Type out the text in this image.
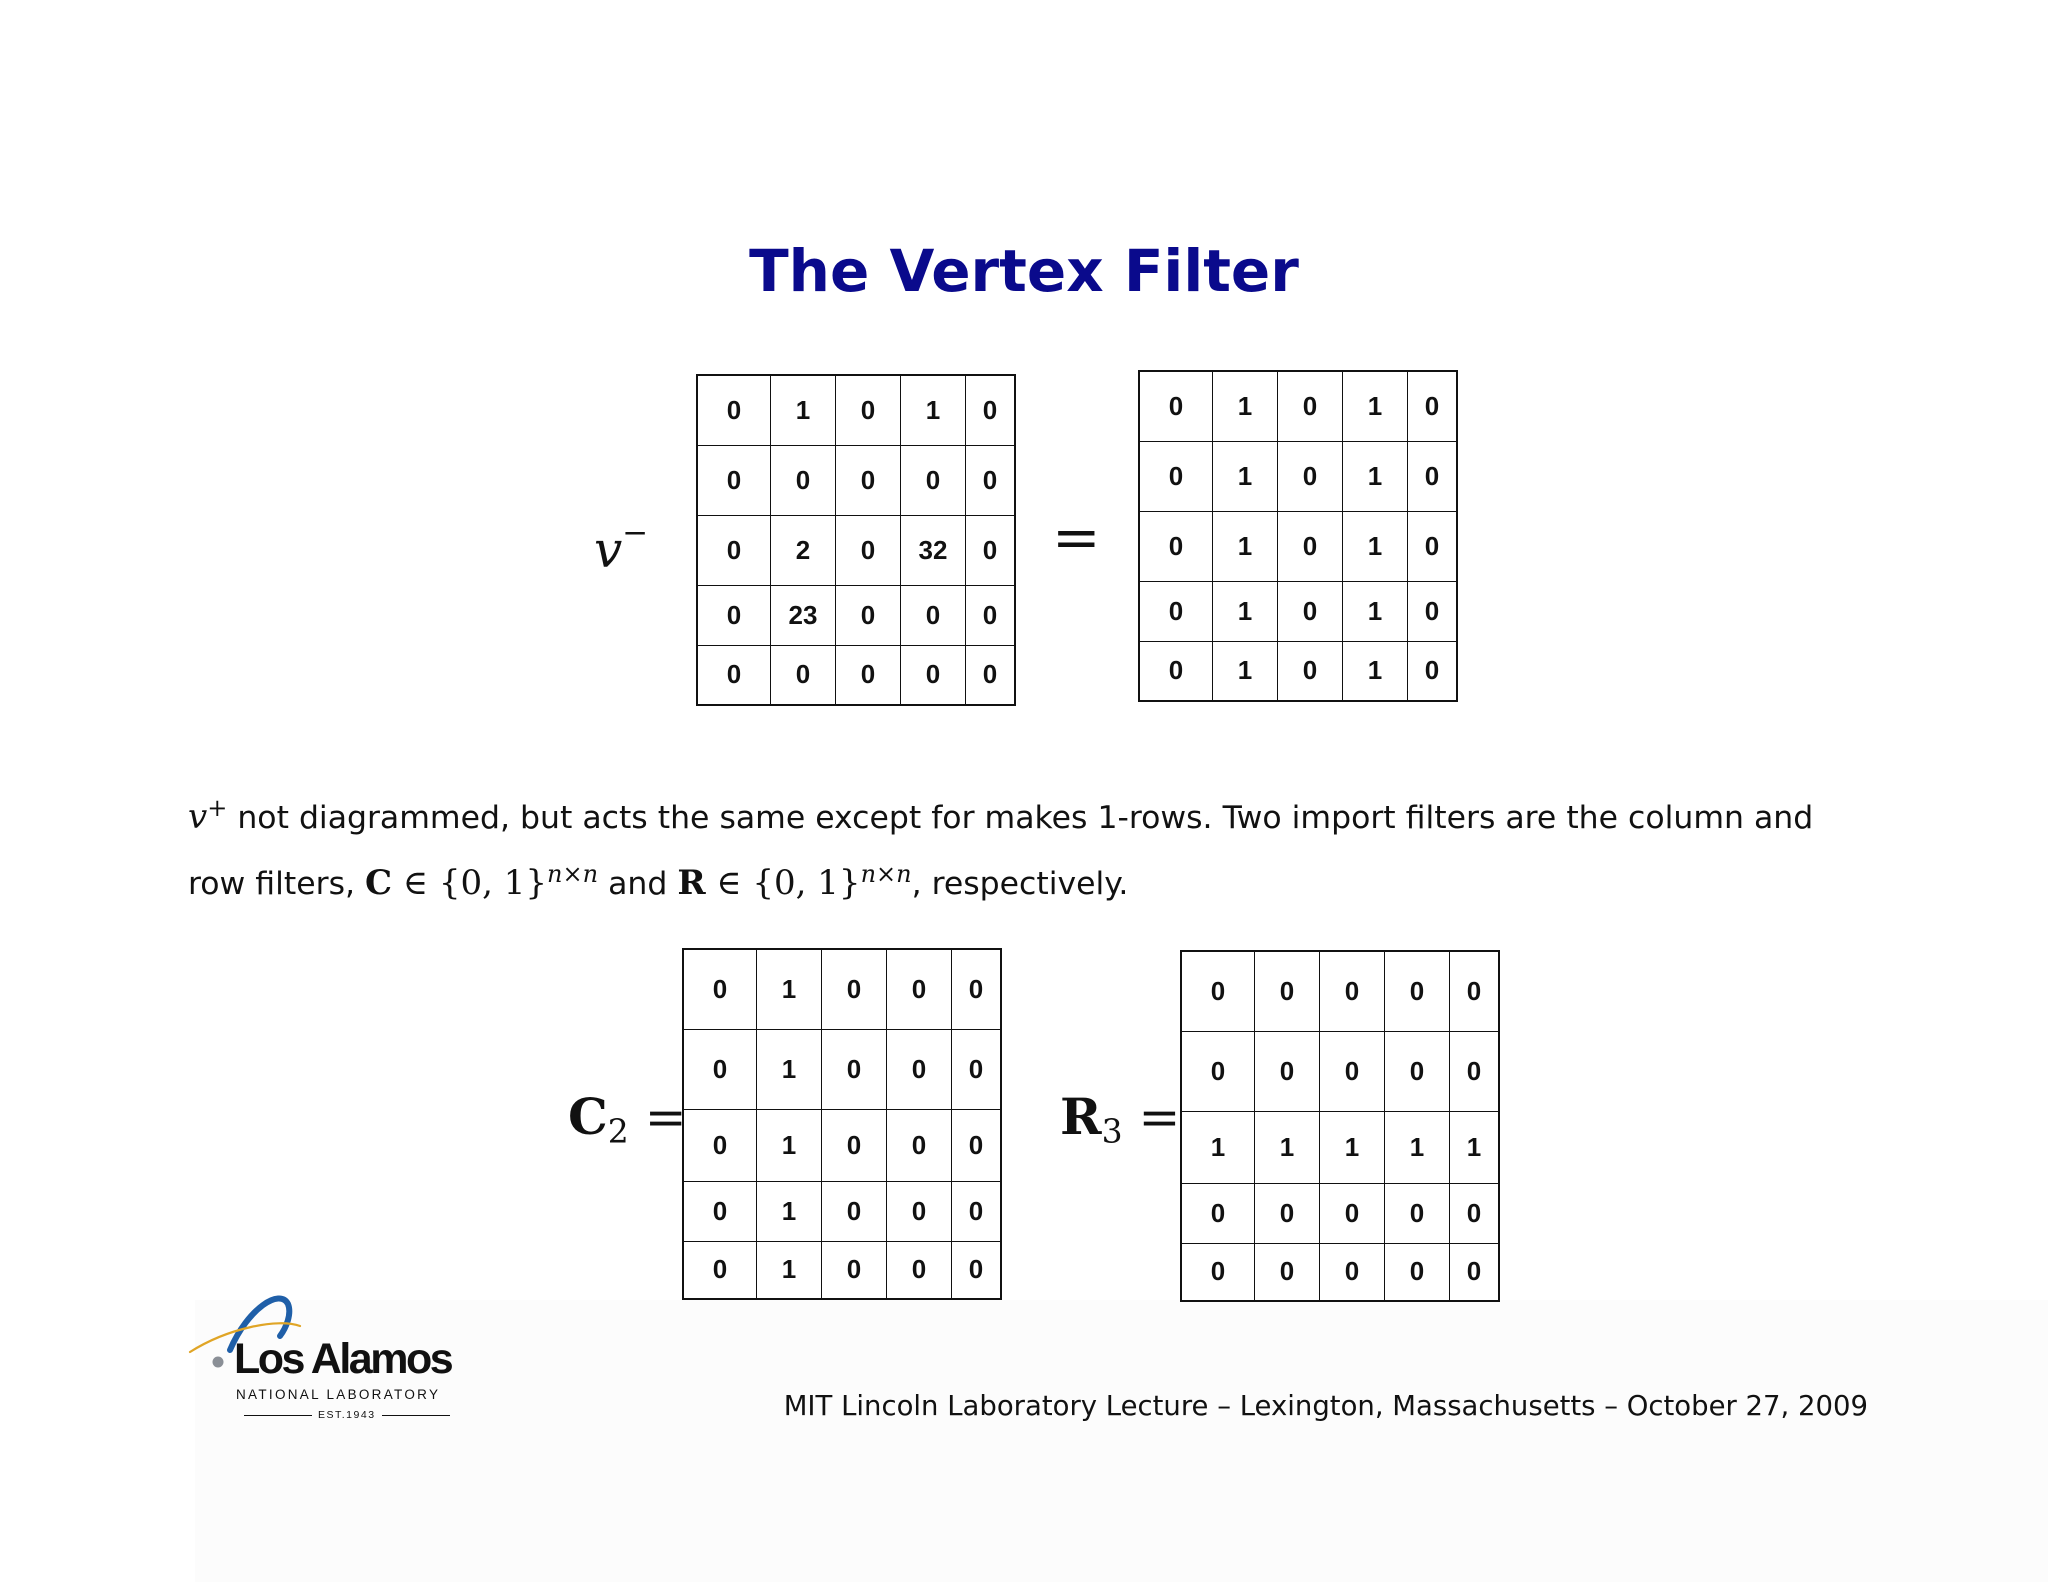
The Vertex Filter
v−
0	1	0	1	0
0	0	0	0	0
0	2	0	32	0
0	23	0	0	0
0	0	0	0	0
=
0	1	0	1	0
0	1	0	1	0
0	1	0	1	0
0	1	0	1	0
0	1	0	1	0
v+ not diagrammed, but acts the same except for makes 1-rows. Two import filters are the column and
row filters, C ∈ {0, 1}$^{n\times n}$ and R ∈ {0, 1}$^{n\times n}$, respectively.
$C_2$ =
0	1	0	0	0
0	1	0	0	0
0	1	0	0	0
0	1	0	0	0
0	1	0	0	0
$R_3$ =
0	0	0	0	0
0	0	0	0	0
1	1	1	1	1
0	0	0	0	0
0	0	0	0	0
Los Alamos
NATIONAL LABORATORY
EST.1943	MIT Lincoln Laboratory Lecture – Lexington, Massachusetts – October 27, 2009
